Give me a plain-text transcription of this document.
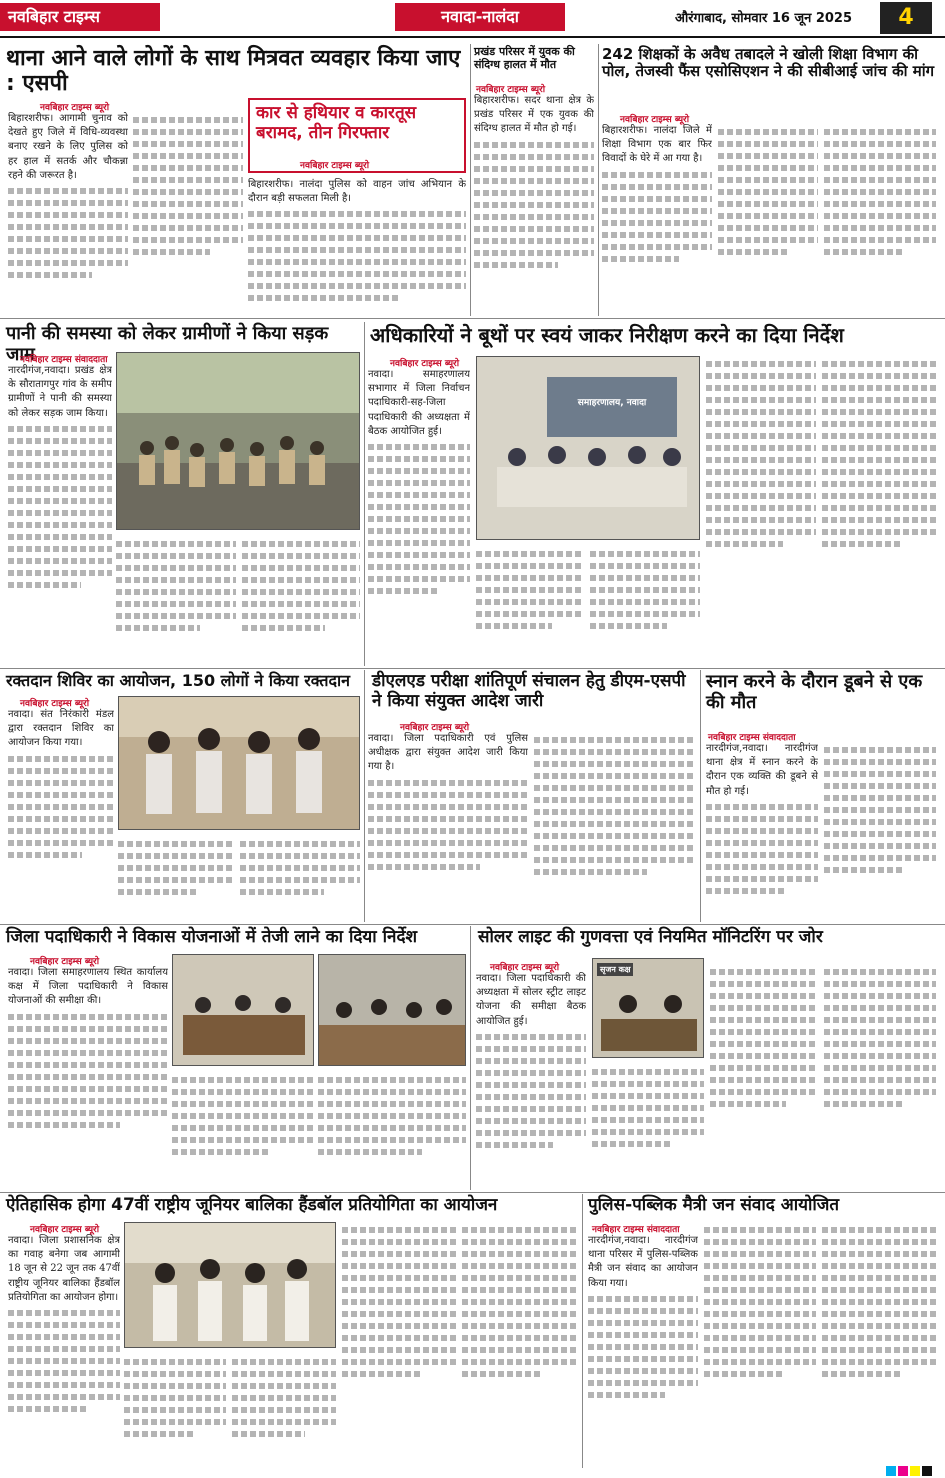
नवबिहार टाइम्स	नवादा-नालंदा	औरंगाबाद, सोमवार 16 जून 2025	4
थाना आने वाले लोगों के साथ मित्रवत व्यवहार किया जाए : एसपी
नवबिहार टाइम्स ब्यूरो
बिहारशरीफ। आगामी चुनाव को देखते हुए जिले में विधि-व्यवस्था बनाए रखने के लिए पुलिस को हर हाल में सतर्क और चौकन्ना रहने की जरूरत है।
कार से हथियार व कारतूस बरामद, तीन गिरफ्तार
नवबिहार टाइम्स ब्यूरो
बिहारशरीफ। नालंदा पुलिस को वाहन जांच अभियान के दौरान बड़ी सफलता मिली है।
प्रखंड परिसर में युवक की संदिग्ध हालत में मौत
नवबिहार टाइम्स ब्यूरो
बिहारशरीफ। सदर थाना क्षेत्र के प्रखंड परिसर में एक युवक की संदिग्ध हालत में मौत हो गई।
242 शिक्षकों के अवैध तबादले ने खोली शिक्षा विभाग की पोल, तेजस्वी फैंस एसोसिएशन ने की सीबीआई जांच की मांग
नवबिहार टाइम्स ब्यूरो
बिहारशरीफ। नालंदा जिले में शिक्षा विभाग एक बार फिर विवादों के घेरे में आ गया है।
पानी की समस्या को लेकर ग्रामीणों ने किया सड़क जाम
नवबिहार टाइम्स संवाददाता
नारदीगंज,नवादा। प्रखंड क्षेत्र के सौरातागपुर गांव के समीप ग्रामीणों ने पानी की समस्या को लेकर सड़क जाम किया।
अधिकारियों ने बूथों पर स्वयं जाकर निरीक्षण करने का दिया निर्देश
नवबिहार टाइम्स ब्यूरो
नवादा। समाहरणालय सभागार में जिला निर्वाचन पदाधिकारी-सह-जिला पदाधिकारी की अध्यक्षता में बैठक आयोजित हुई।
समाहरणालय, नवादा
रक्तदान शिविर का आयोजन, 150 लोगों ने किया रक्तदान
नवबिहार टाइम्स ब्यूरो
नवादा। संत निरंकारी मंडल द्वारा रक्तदान शिविर का आयोजन किया गया।
डीएलएड परीक्षा शांतिपूर्ण संचालन हेतु डीएम-एसपी ने किया संयुक्त आदेश जारी
नवबिहार टाइम्स ब्यूरो
नवादा। जिला पदाधिकारी एवं पुलिस अधीक्षक द्वारा संयुक्त आदेश जारी किया गया है।
स्नान करने के दौरान डूबने से एक की मौत
नवबिहार टाइम्स संवाददाता
नारदीगंज,नवादा। नारदीगंज थाना क्षेत्र में स्नान करने के दौरान एक व्यक्ति की डूबने से मौत हो गई।
जिला पदाधिकारी ने विकास योजनाओं में तेजी लाने का दिया निर्देश
नवबिहार टाइम्स ब्यूरो
नवादा। जिला समाहरणालय स्थित कार्यालय कक्ष में जिला पदाधिकारी ने विकास योजनाओं की समीक्षा की।
सोलर लाइट की गुणवत्ता एवं नियमित मॉनिटरिंग पर जोर
नवबिहार टाइम्स ब्यूरो
नवादा। जिला पदाधिकारी की अध्यक्षता में सोलर स्ट्रीट लाइट योजना की समीक्षा बैठक आयोजित हुई।
सृजन कक्ष
ऐतिहासिक होगा 47वीं राष्ट्रीय जूनियर बालिका हैंडबॉल प्रतियोगिता का आयोजन
नवबिहार टाइम्स ब्यूरो
नवादा। जिला प्रशासनिक क्षेत्र का गवाह बनेगा जब आगामी 18 जून से 22 जून तक 47वीं राष्ट्रीय जूनियर बालिका हैंडबॉल प्रतियोगिता का आयोजन होगा।
पुलिस-पब्लिक मैत्री जन संवाद आयोजित
नवबिहार टाइम्स संवाददाता
नारदीगंज,नवादा। नारदीगंज थाना परिसर में पुलिस-पब्लिक मैत्री जन संवाद का आयोजन किया गया।
